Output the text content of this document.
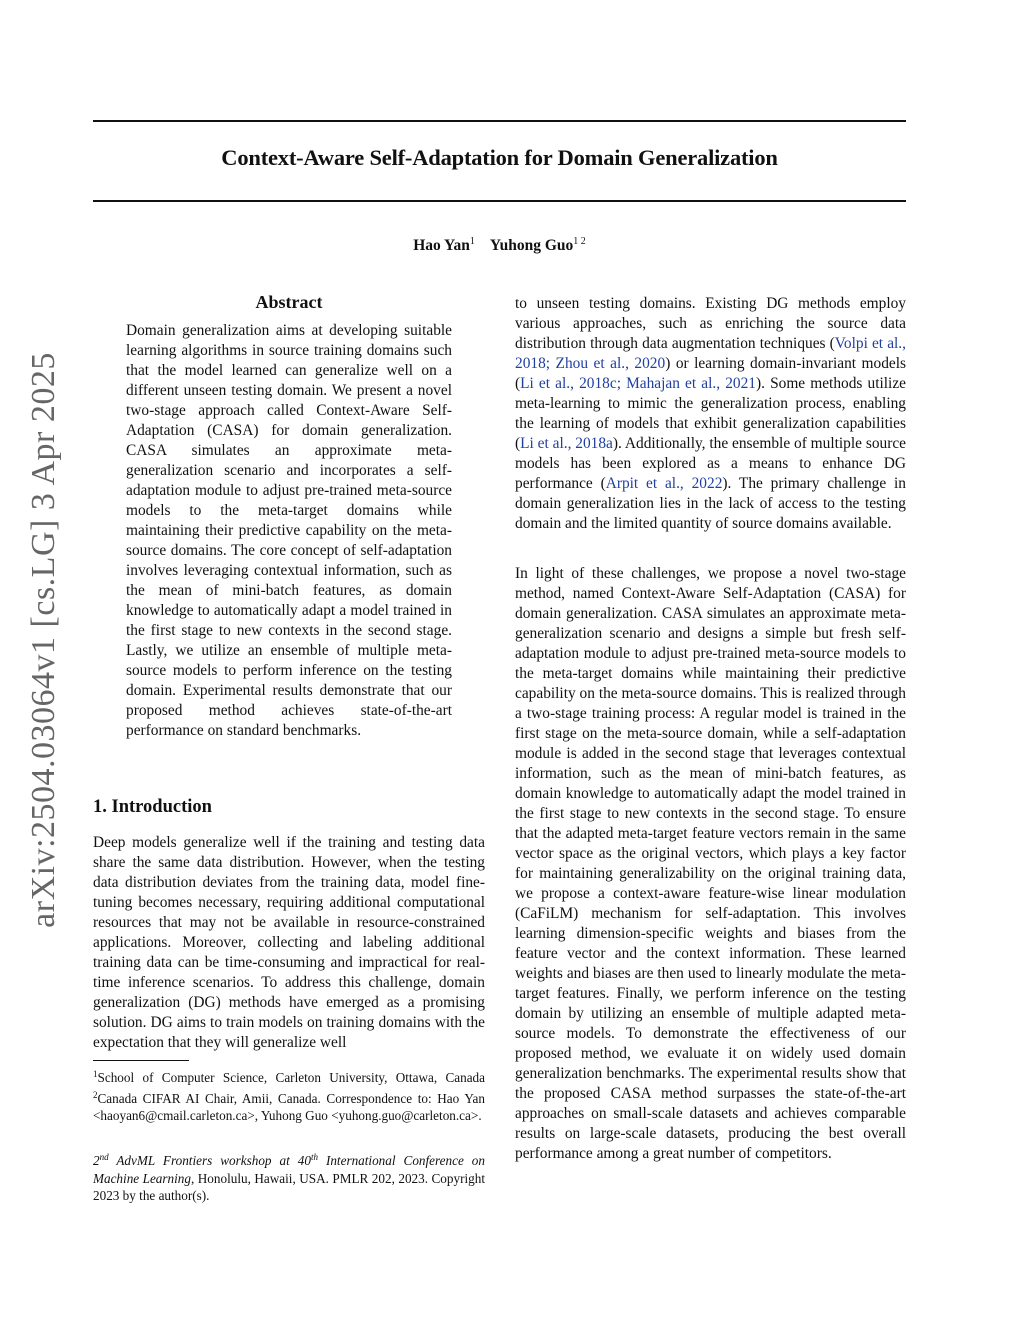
arXiv:2504.03064v1 [cs.LG] 3 Apr 2025
Context-Aware Self-Adaptation for Domain Generalization
Hao Yan$^1$ Yuhong Guo$^{1 2}$
Abstract
Domain generalization aims at developing suitable learning algorithms in source training domains such that the model learned can generalize well on a different unseen testing domain. We present a novel two-stage approach called Context-Aware Self-Adaptation (CASA) for domain generalization. CASA simulates an approximate meta-generalization scenario and incorporates a self-adaptation module to adjust pre-trained meta-source models to the meta-target domains while maintaining their predictive capability on the meta-source domains. The core concept of self-adaptation involves leveraging contextual information, such as the mean of mini-batch features, as domain knowledge to automatically adapt a model trained in the first stage to new contexts in the second stage. Lastly, we utilize an ensemble of multiple meta-source models to perform inference on the testing domain. Experimental results demonstrate that our proposed method achieves state-of-the-art performance on standard benchmarks.
1. Introduction
Deep models generalize well if the training and testing data share the same data distribution. However, when the testing data distribution deviates from the training data, model fine-tuning becomes necessary, requiring additional computational resources that may not be available in resource-constrained applications. Moreover, collecting and labeling additional training data can be time-consuming and impractical for real-time inference scenarios. To address this challenge, domain generalization (DG) methods have emerged as a promising solution. DG aims to train models on training domains with the expectation that they will generalize well
$^1$School of Computer Science, Carleton University, Ottawa, Canada $^2$Canada CIFAR AI Chair, Amii, Canada. Correspondence to: Hao Yan <haoyan6@cmail.carleton.ca>, Yuhong Guo <yuhong.guo@carleton.ca>.
2nd AdvML Frontiers workshop at 40th International Conference on Machine Learning, Honolulu, Hawaii, USA. PMLR 202, 2023. Copyright 2023 by the author(s).
to unseen testing domains. Existing DG methods employ various approaches, such as enriching the source data distribution through data augmentation techniques (Volpi et al., 2018; Zhou et al., 2020) or learning domain-invariant models (Li et al., 2018c; Mahajan et al., 2021). Some methods utilize meta-learning to mimic the generalization process, enabling the learning of models that exhibit generalization capabilities (Li et al., 2018a). Additionally, the ensemble of multiple source models has been explored as a means to enhance DG performance (Arpit et al., 2022). The primary challenge in domain generalization lies in the lack of access to the testing domain and the limited quantity of source domains available.
In light of these challenges, we propose a novel two-stage method, named Context-Aware Self-Adaptation (CASA) for domain generalization. CASA simulates an approximate meta-generalization scenario and designs a simple but fresh self-adaptation module to adjust pre-trained meta-source models to the meta-target domains while maintaining their predictive capability on the meta-source domains. This is realized through a two-stage training process: A regular model is trained in the first stage on the meta-source domain, while a self-adaptation module is added in the second stage that leverages contextual information, such as the mean of mini-batch features, as domain knowledge to automatically adapt the model trained in the first stage to new contexts in the second stage. To ensure that the adapted meta-target feature vectors remain in the same vector space as the original vectors, which plays a key factor for maintaining generalizability on the original training data, we propose a context-aware feature-wise linear modulation (CaFiLM) mechanism for self-adaptation. This involves learning dimension-specific weights and biases from the feature vector and the context information. These learned weights and biases are then used to linearly modulate the meta-target features. Finally, we perform inference on the testing domain by utilizing an ensemble of multiple adapted meta-source models. To demonstrate the effectiveness of our proposed method, we evaluate it on widely used domain generalization benchmarks. The experimental results show that the proposed CASA method surpasses the state-of-the-art approaches on small-scale datasets and achieves comparable results on large-scale datasets, producing the best overall performance among a great number of competitors.
